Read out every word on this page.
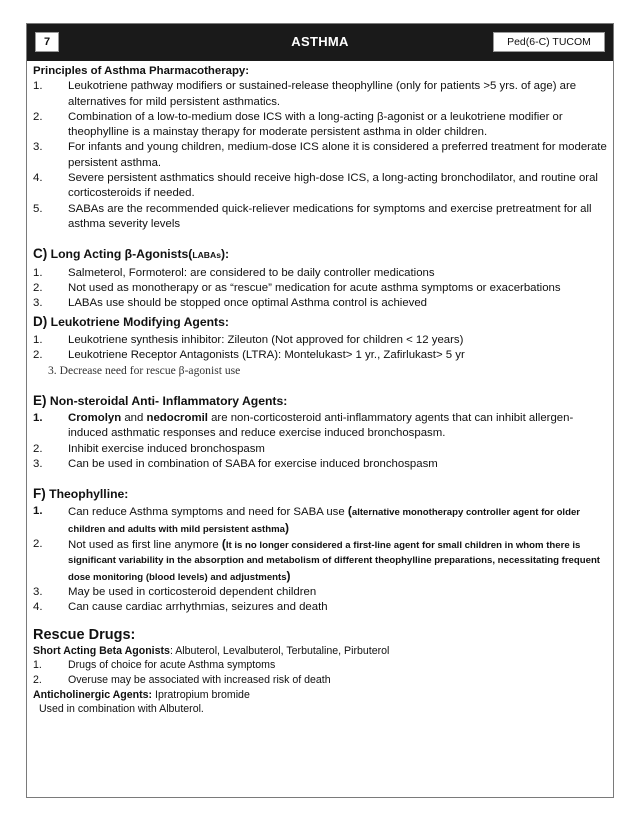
7	ASTHMA	Ped(6-C) TUCOM
Principles of Asthma Pharmacotherapy:
1. Leukotriene pathway modifiers or sustained-release theophylline (only for patients >5 yrs. of age) are alternatives for mild persistent asthmatics.
2. Combination of a low-to-medium dose ICS with a long-acting β-agonist or a leukotriene modifier or theophylline is a mainstay therapy for moderate persistent asthma in older children.
3. For infants and young children, medium-dose ICS alone it is considered a preferred treatment for moderate persistent asthma.
4. Severe persistent asthmatics should receive high-dose ICS, a long-acting bronchodilator, and routine oral corticosteroids if needed.
5. SABAs are the recommended quick-reliever medications for symptoms and exercise pretreatment for all asthma severity levels
C) Long Acting β-Agonists(LABAs):
1. Salmeterol, Formoterol: are considered to be daily controller medications
2. Not used as monotherapy or as “rescue” medication for acute asthma symptoms or exacerbations
3. LABAs use should be stopped once optimal Asthma control is achieved
D) Leukotriene Modifying Agents:
1. Leukotriene synthesis inhibitor: Zileuton (Not approved for children < 12 years)
2. Leukotriene Receptor Antagonists (LTRA): Montelukast> 1 yr., Zafirlukast> 5 yr
3. Decrease need for rescue β-agonist use
E) Non-steroidal Anti- Inflammatory Agents:
1. Cromolyn and nedocromil are non-corticosteroid anti-inflammatory agents that can inhibit allergen-induced asthmatic responses and reduce exercise induced bronchospasm.
2. Inhibit exercise induced bronchospasm
3. Can be used in combination of SABA for exercise induced bronchospasm
F) Theophylline:
1. Can reduce Asthma symptoms and need for SABA use (alternative monotherapy controller agent for older children and adults with mild persistent asthma)
2. Not used as first line anymore (It is no longer considered a first-line agent for small children in whom there is significant variability in the absorption and metabolism of different theophylline preparations, necessitating frequent dose monitoring (blood levels) and adjustments)
3. May be used in corticosteroid dependent children
4. Can cause cardiac arrhythmias, seizures and death
Rescue Drugs:
Short Acting Beta Agonists: Albuterol, Levalbuterol, Terbutaline, Pirbuterol
1. Drugs of choice for acute Asthma symptoms
2. Overuse may be associated with increased risk of death
Anticholinergic Agents: Ipratropium bromide
Used in combination with Albuterol.
